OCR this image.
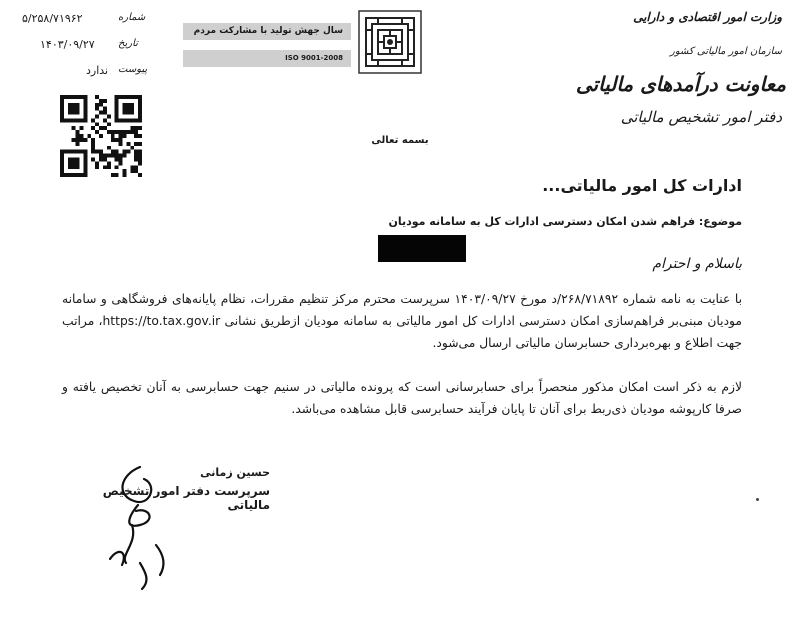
وزارت امور اقتصادی و دارایی
سازمان امور مالیاتی کشور
معاونت درآمدهای مالیاتی
دفتر امور تشخیص مالیاتی
سال جهش تولید با مشارکت مردم
ISO 9001-2008
۵/۲۵۸/۷۱۹۶۲	شماره
۱۴۰۳/۰۹/۲۷ تاریخ
ندارد پیوست
بسمه تعالی
ادارات کل امور مالیاتی...
موضوع: فراهم شدن امکان دسترسی ادارات کل به سامانه مودیان
باسلام و احترام
با عنایت به نامه شماره ۲۶۸/۷۱۸۹۲/د مورخ ۱۴۰۳/۰۹/۲۷ سرپرست محترم مرکز تنظیم مقررات، نظام پایانه‌های فروشگاهی و سامانه مودیان مبنی‌بر فراهم‌سازی امکان دسترسی ادارات کل امور مالیاتی به سامانه مودیان ازطریق نشانی https://to.tax.gov.ir، مراتب جهت اطلاع و بهره‌برداری حسابرسان مالیاتی ارسال می‌شود.
لازم به ذکر است امکان مذکور منحصراً برای حسابرسانی است که پرونده مالیاتی در سنیم جهت حسابرسی به آنان تخصیص یافته و صرفا کارپوشه مودیان ذی‌ربط برای آنان تا پایان فرآیند حسابرسی قابل مشاهده می‌باشد.
حسین زمانی
سرپرست دفتر امور تشخیص مالیاتی
